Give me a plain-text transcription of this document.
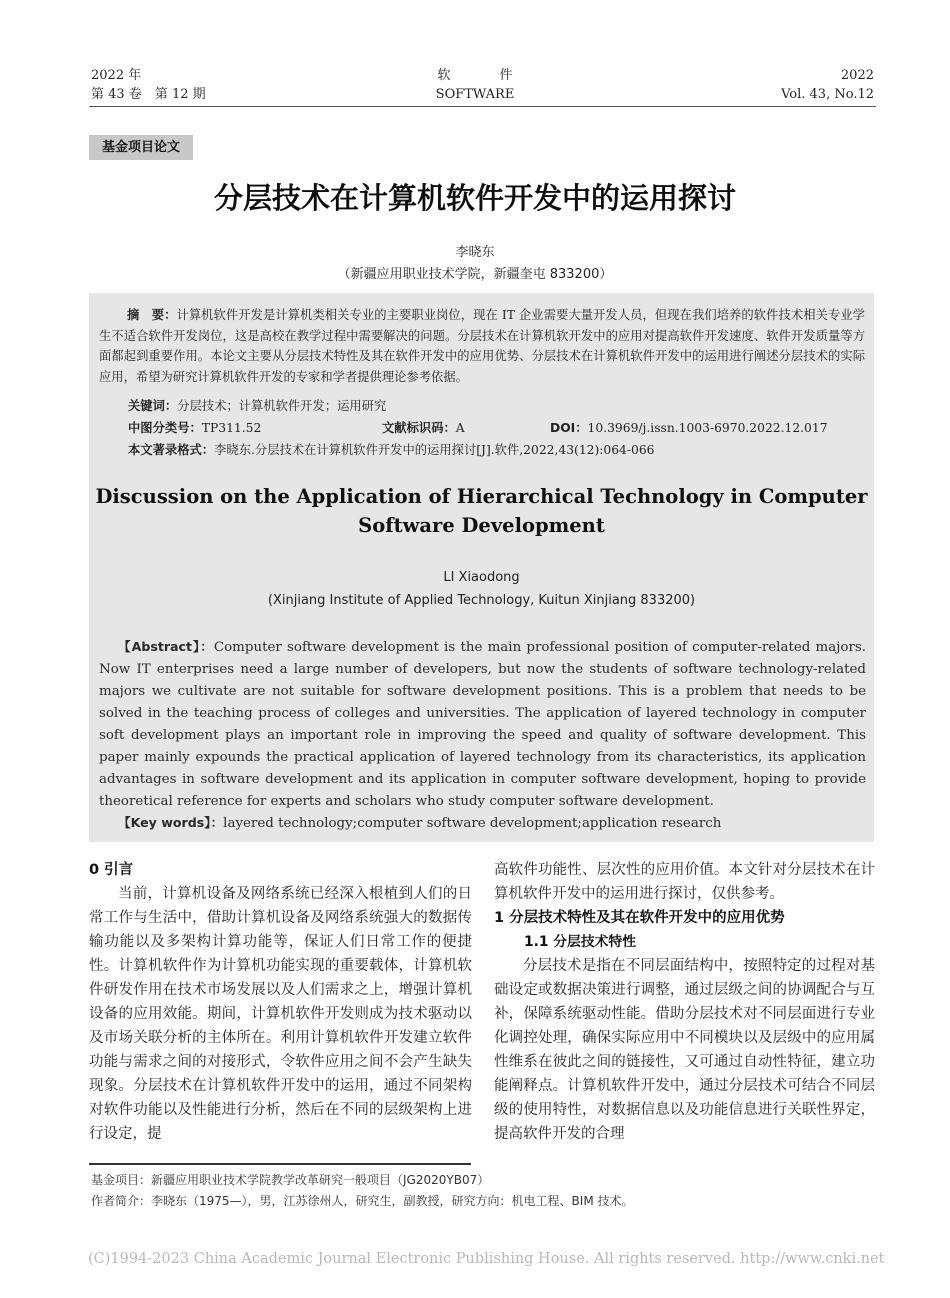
2022 年
第 43 卷　第 12 期
软　件
SOFTWARE
2022
Vol. 43, No.12
基金项目论文
分层技术在计算机软件开发中的运用探讨
李晓东
（新疆应用职业技术学院，新疆奎屯 833200）
摘　要：计算机软件开发是计算机类相关专业的主要职业岗位，现在 IT 企业需要大量开发人员，但现在我们培养的软件技术相关专业学生不适合软件开发岗位，这是高校在教学过程中需要解决的问题。分层技术在计算机软开发中的应用对提高软件开发速度、软件开发质量等方面都起到重要作用。本论文主要从分层技术特性及其在软件开发中的应用优势、分层技术在计算机软件开发中的运用进行阐述分层技术的实际应用，希望为研究计算机软件开发的专家和学者提供理论参考依据。
关键词：分层技术；计算机软件开发；运用研究
中图分类号：TP311.52	文献标识码：A	DOI：10.3969/j.issn.1003-6970.2022.12.017
本文著录格式：李晓东.分层技术在计算机软件开发中的运用探讨[J].软件,2022,43(12):064-066
Discussion on the Application of Hierarchical Technology in Computer Software Development
LI Xiaodong
(Xinjiang Institute of Applied Technology, Kuitun Xinjiang 833200)
【Abstract】：Computer software development is the main professional position of computer-related majors. Now IT enterprises need a large number of developers, but now the students of software technology-related majors we cultivate are not suitable for software development positions. This is a problem that needs to be solved in the teaching process of colleges and universities. The application of layered technology in computer soft development plays an important role in improving the speed and quality of software development. This paper mainly expounds the practical application of layered technology from its characteristics, its application advantages in software development and its application in computer software development, hoping to provide theoretical reference for experts and scholars who study computer software development.
【Key words】：layered technology;computer software development;application research
0 引言
当前，计算机设备及网络系统已经深入根植到人们的日常工作与生活中，借助计算机设备及网络系统强大的数据传输功能以及多架构计算功能等，保证人们日常工作的便捷性。计算机软件作为计算机功能实现的重要载体，计算机软件研发作用在技术市场发展以及人们需求之上，增强计算机设备的应用效能。期间，计算机软件开发则成为技术驱动以及市场关联分析的主体所在。利用计算机软件开发建立软件功能与需求之间的对接形式，令软件应用之间不会产生缺失现象。分层技术在计算机软件开发中的运用，通过不同架构对软件功能以及性能进行分析，然后在不同的层级架构上进行设定，提
高软件功能性、层次性的应用价值。本文针对分层技术在计算机软件开发中的运用进行探讨，仅供参考。
1 分层技术特性及其在软件开发中的应用优势
1.1 分层技术特性
分层技术是指在不同层面结构中，按照特定的过程对基础设定或数据决策进行调整，通过层级之间的协调配合与互补，保障系统驱动性能。借助分层技术对不同层面进行专业化调控处理，确保实际应用中不同模块以及层级中的应用属性维系在彼此之间的链接性，又可通过自动性特征，建立功能阐释点。计算机软件开发中，通过分层技术可结合不同层级的使用特性，对数据信息以及功能信息进行关联性界定，提高软件开发的合理
基金项目：新疆应用职业技术学院教学改革研究一般项目（JG2020YB07）
作者简介：李晓东（1975—），男，江苏徐州人，研究生，副教授，研究方向：机电工程、BIM 技术。
(C)1994-2023 China Academic Journal Electronic Publishing House. All rights reserved. http://www.cnki.net
